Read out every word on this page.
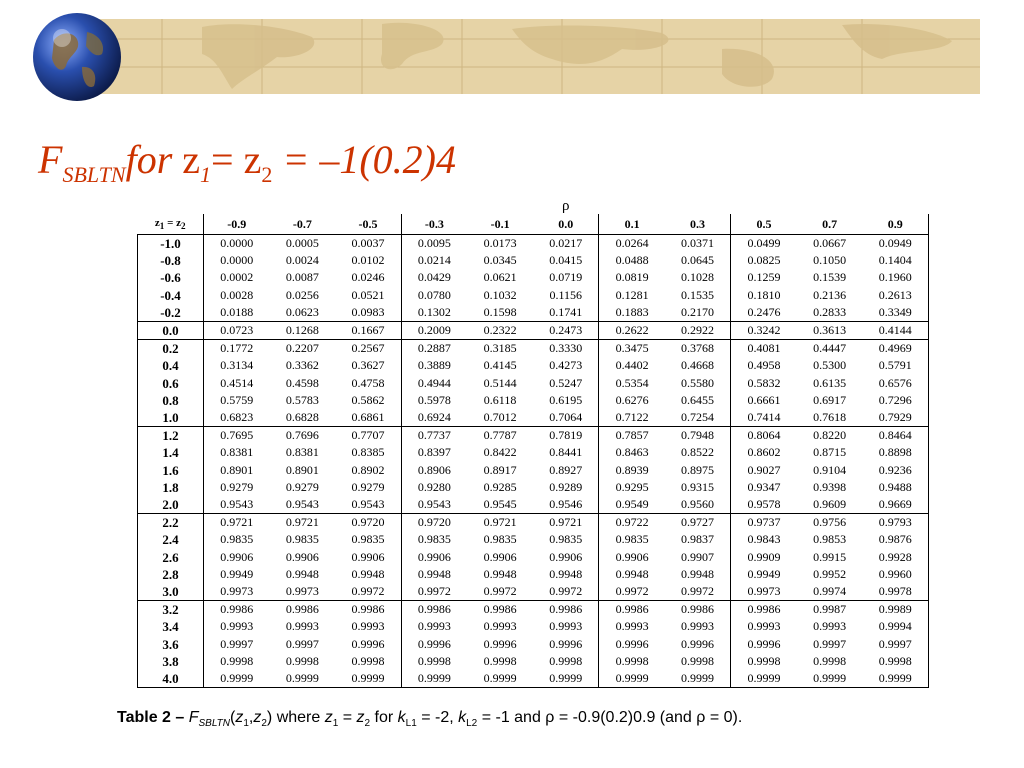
$F_{SBLTN}for$ $z_1= z_2 = -1(0.2)4$
ρ
$z_1 = z_2$	-0.9	-0.7	-0.5	-0.3	-0.1	0.0	0.1	0.3	0.5	0.7	0.9
-1.0	0.0000	0.0005	0.0037	0.0095	0.0173	0.0217	0.0264	0.0371	0.0499	0.0667	0.0949
-0.8	0.0000	0.0024	0.0102	0.0214	0.0345	0.0415	0.0488	0.0645	0.0825	0.1050	0.1404
-0.6	0.0002	0.0087	0.0246	0.0429	0.0621	0.0719	0.0819	0.1028	0.1259	0.1539	0.1960
-0.4	0.0028	0.0256	0.0521	0.0780	0.1032	0.1156	0.1281	0.1535	0.1810	0.2136	0.2613
-0.2	0.0188	0.0623	0.0983	0.1302	0.1598	0.1741	0.1883	0.2170	0.2476	0.2833	0.3349
0.0	0.0723	0.1268	0.1667	0.2009	0.2322	0.2473	0.2622	0.2922	0.3242	0.3613	0.4144
0.2	0.1772	0.2207	0.2567	0.2887	0.3185	0.3330	0.3475	0.3768	0.4081	0.4447	0.4969
0.4	0.3134	0.3362	0.3627	0.3889	0.4145	0.4273	0.4402	0.4668	0.4958	0.5300	0.5791
0.6	0.4514	0.4598	0.4758	0.4944	0.5144	0.5247	0.5354	0.5580	0.5832	0.6135	0.6576
0.8	0.5759	0.5783	0.5862	0.5978	0.6118	0.6195	0.6276	0.6455	0.6661	0.6917	0.7296
1.0	0.6823	0.6828	0.6861	0.6924	0.7012	0.7064	0.7122	0.7254	0.7414	0.7618	0.7929
1.2	0.7695	0.7696	0.7707	0.7737	0.7787	0.7819	0.7857	0.7948	0.8064	0.8220	0.8464
1.4	0.8381	0.8381	0.8385	0.8397	0.8422	0.8441	0.8463	0.8522	0.8602	0.8715	0.8898
1.6	0.8901	0.8901	0.8902	0.8906	0.8917	0.8927	0.8939	0.8975	0.9027	0.9104	0.9236
1.8	0.9279	0.9279	0.9279	0.9280	0.9285	0.9289	0.9295	0.9315	0.9347	0.9398	0.9488
2.0	0.9543	0.9543	0.9543	0.9543	0.9545	0.9546	0.9549	0.9560	0.9578	0.9609	0.9669
2.2	0.9721	0.9721	0.9720	0.9720	0.9721	0.9721	0.9722	0.9727	0.9737	0.9756	0.9793
2.4	0.9835	0.9835	0.9835	0.9835	0.9835	0.9835	0.9835	0.9837	0.9843	0.9853	0.9876
2.6	0.9906	0.9906	0.9906	0.9906	0.9906	0.9906	0.9906	0.9907	0.9909	0.9915	0.9928
2.8	0.9949	0.9948	0.9948	0.9948	0.9948	0.9948	0.9948	0.9948	0.9949	0.9952	0.9960
3.0	0.9973	0.9973	0.9972	0.9972	0.9972	0.9972	0.9972	0.9972	0.9973	0.9974	0.9978
3.2	0.9986	0.9986	0.9986	0.9986	0.9986	0.9986	0.9986	0.9986	0.9986	0.9987	0.9989
3.4	0.9993	0.9993	0.9993	0.9993	0.9993	0.9993	0.9993	0.9993	0.9993	0.9993	0.9994
3.6	0.9997	0.9997	0.9996	0.9996	0.9996	0.9996	0.9996	0.9996	0.9996	0.9997	0.9997
3.8	0.9998	0.9998	0.9998	0.9998	0.9998	0.9998	0.9998	0.9998	0.9998	0.9998	0.9998
4.0	0.9999	0.9999	0.9999	0.9999	0.9999	0.9999	0.9999	0.9999	0.9999	0.9999	0.9999

Table $2 - F_{SBLTN}(z_1,z_2)$ where $z_1 = z_2$ for $k_{L1} = -2$, $k_{L2} = -1$ and ρ = -0.9(0.2)0.9 (and ρ = 0).
